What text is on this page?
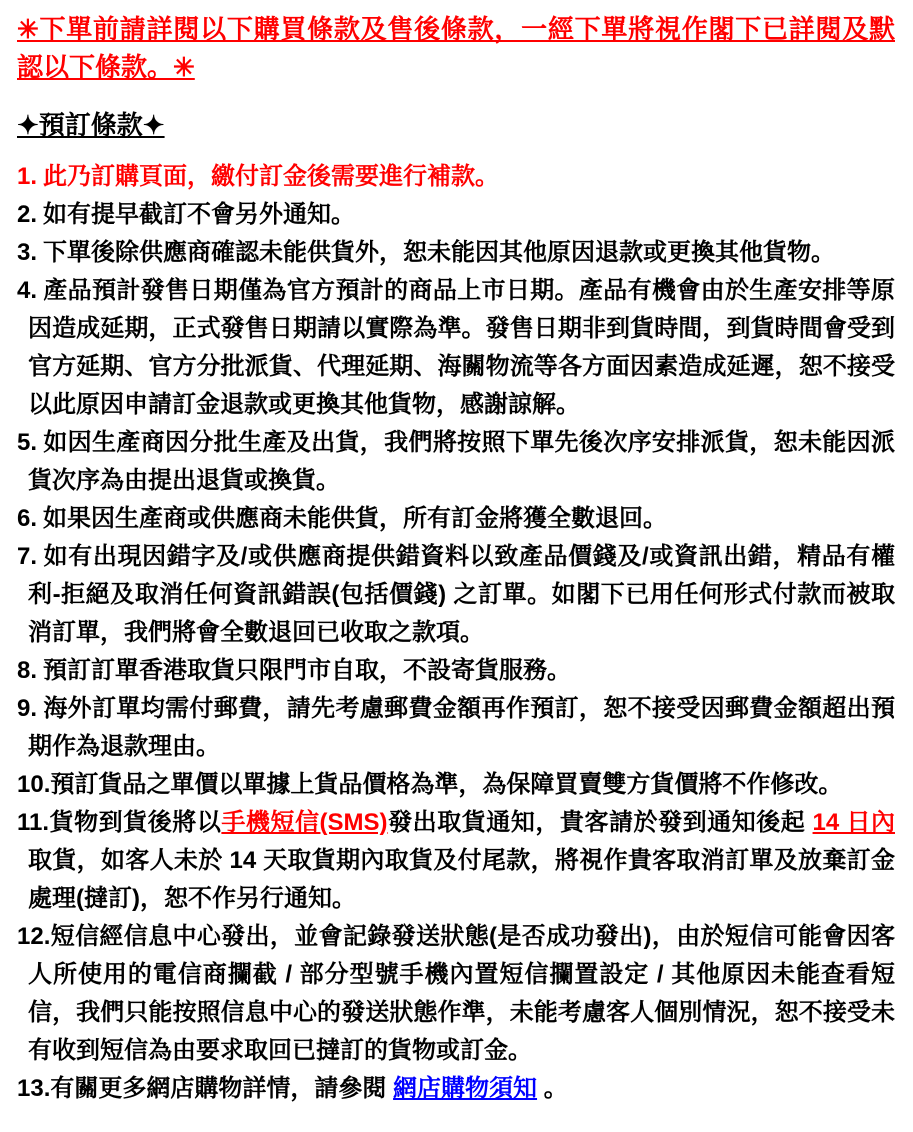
✳下單前請詳閱以下購買條款及售後條款，一經下單將視作閣下已詳閱及默認以下條款。✳
✦預訂條款✦
1. 此乃訂購頁面，繳付訂金後需要進行補款。
2. 如有提早截訂不會另外通知。
3. 下單後除供應商確認未能供貨外，恕未能因其他原因退款或更換其他貨物。
4. 產品預計發售日期僅為官方預計的商品上市日期。產品有機會由於生產安排等原因造成延期，正式發售日期請以實際為準。發售日期非到貨時間，到貨時間會受到官方延期、官方分批派貨、代理延期、海關物流等各方面因素造成延遲，恕不接受以此原因申請訂金退款或更換其他貨物，感謝諒解。
5. 如因生產商因分批生產及出貨，我們將按照下單先後次序安排派貨，恕未能因派貨次序為由提出退貨或換貨。
6. 如果因生產商或供應商未能供貨，所有訂金將獲全數退回。
7. 如有出現因錯字及/或供應商提供錯資料以致產品價錢及/或資訊出錯，精品有權利-拒絕及取消任何資訊錯誤(包括價錢) 之訂單。如閣下已用任何形式付款而被取消訂單，我們將會全數退回已收取之款項。
8. 預訂訂單香港取貨只限門市自取，不設寄貨服務。
9. 海外訂單均需付郵費，請先考慮郵費金額再作預訂，恕不接受因郵費金額超出預期作為退款理由。
10.預訂貨品之單價以單據上貨品價格為準，為保障買賣雙方貨價將不作修改。
11.貨物到貨後將以手機短信(SMS)發出取貨通知，貴客請於發到通知後起 14 日內取貨，如客人未於 14 天取貨期內取貨及付尾款，將視作貴客取消訂單及放棄訂金處理(撻訂)，恕不作另行通知。
12.短信經信息中心發出，並會記錄發送狀態(是否成功發出)，由於短信可能會因客人所使用的電信商攔截 / 部分型號手機內置短信攔置設定 / 其他原因未能查看短信，我們只能按照信息中心的發送狀態作準，未能考慮客人個別情況，恕不接受未有收到短信為由要求取回已撻訂的貨物或訂金。
13.有關更多網店購物詳情，請參閱 網店購物須知 。
